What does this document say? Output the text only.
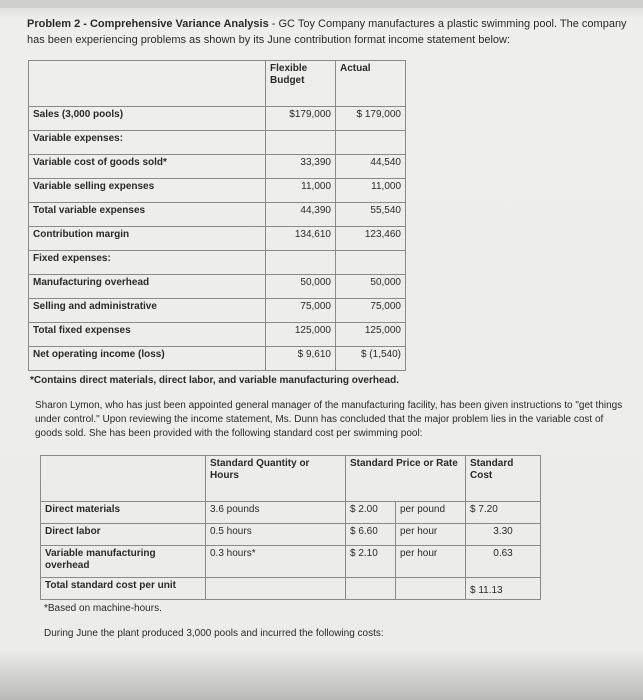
Problem 2 - Comprehensive Variance Analysis - GC Toy Company manufactures a plastic swimming pool. The company has been experiencing problems as shown by its June contribution format income statement below:
	Flexible Budget	Actual
Sales (3,000 pools)	$179,000	$ 179,000
Variable expenses:		
Variable cost of goods sold*	33,390	44,540
Variable selling expenses	11,000	11,000
Total variable expenses	44,390	55,540
Contribution margin	134,610	123,460
Fixed expenses:		
Manufacturing overhead	50,000	50,000
Selling and administrative	75,000	75,000
Total fixed expenses	125,000	125,000
Net operating income (loss)	$ 9,610	$ (1,540)
*Contains direct materials, direct labor, and variable manufacturing overhead.
Sharon Lymon, who has just been appointed general manager of the manufacturing facility, has been given instructions to "get things under control." Upon reviewing the income statement, Ms. Dunn has concluded that the major problem lies in the variable cost of goods sold. She has been provided with the following standard cost per swimming pool:
	Standard Quantity or Hours	Standard Price or Rate		Standard Cost
Direct materials	3.6 pounds	$ 2.00	per pound	$ 7.20
Direct labor	0.5 hours	$ 6.60	per hour	3.30
Variable manufacturing overhead	0.3 hours*	$ 2.10	per hour	0.63
Total standard cost per unit				$ 11.13
*Based on machine-hours.
During June the plant produced 3,000 pools and incurred the following costs:
